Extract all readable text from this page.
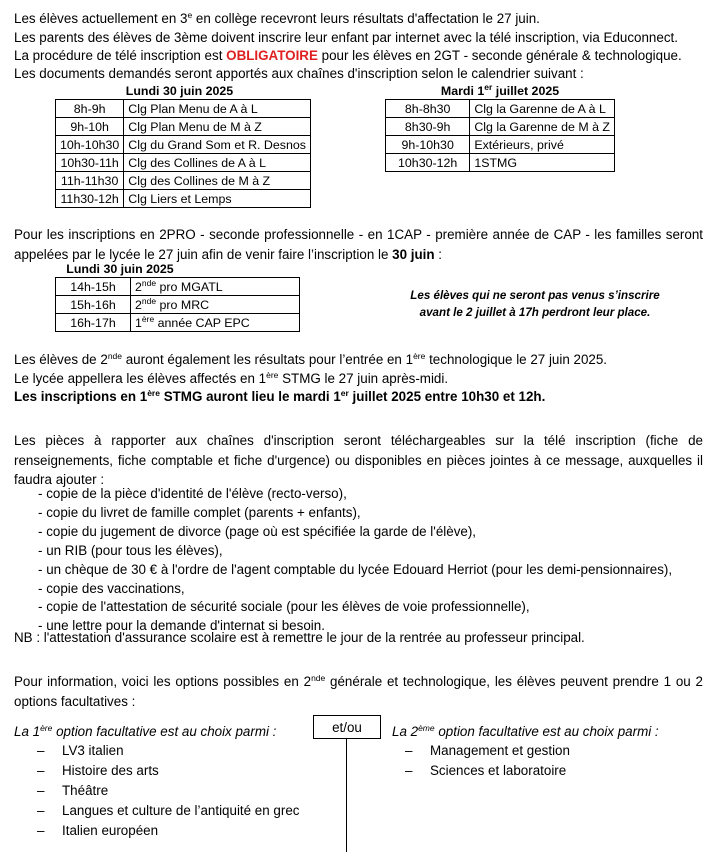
Les élèves actuellement en 3e en collège recevront leurs résultats d'affectation le 27 juin.
Les parents des élèves de 3ème doivent inscrire leur enfant par internet avec la télé inscription, via Educonnect.
La procédure de télé inscription est OBLIGATOIRE pour les élèves en 2GT - seconde générale & technologique.
Les documents demandés seront apportés aux chaînes d'inscription selon le calendrier suivant :
Lundi 30 juin 2025
8h-9h	Clg Plan Menu de A à L
9h-10h	Clg Plan Menu de M à Z
10h-10h30	Clg du Grand Som et R. Desnos
10h30-11h	Clg des Collines de A à L
11h-11h30	Clg des Collines de M à Z
11h30-12h	Clg Liers et Lemps
Mardi 1er juillet 2025
8h-8h30	Clg la Garenne de A à L
8h30-9h	Clg la Garenne de M à Z
9h-10h30	Extérieurs, privé
10h30-12h	1STMG
Pour les inscriptions en 2PRO - seconde professionnelle - en 1CAP - première année de CAP - les familles seront appelées par le lycée le 27 juin afin de venir faire l’inscription le 30 juin :
Lundi 30 juin 2025
14h-15h	2nde pro MGATL
15h-16h	2nde pro MRC
16h-17h	1ère année CAP EPC
Les élèves qui ne seront pas venus s’inscrire
avant le 2 juillet à 17h perdront leur place.
Les élèves de 2nde auront également les résultats pour l’entrée en 1ère technologique le 27 juin 2025.
Le lycée appellera les élèves affectés en 1ère STMG le 27 juin après-midi.
Les inscriptions en 1ère STMG auront lieu le mardi 1er juillet 2025 entre 10h30 et 12h.
Les pièces à rapporter aux chaînes d'inscription seront téléchargeables sur la télé inscription (fiche de renseignements, fiche comptable et fiche d'urgence) ou disponibles en pièces jointes à ce message, auxquelles il faudra ajouter :
- copie de la pièce d'identité de l'élève (recto-verso),
- copie du livret de famille complet (parents + enfants),
- copie du jugement de divorce (page où est spécifiée la garde de l'élève),
- un RIB (pour tous les élèves),
- un chèque de 30 € à l'ordre de l'agent comptable du lycée Edouard Herriot (pour les demi-pensionnaires),
- copie des vaccinations,
- copie de l'attestation de sécurité sociale (pour les élèves de voie professionnelle),
- une lettre pour la demande d'internat si besoin.
NB : l'attestation d'assurance scolaire est à remettre le jour de la rentrée au professeur principal.
Pour information, voici les options possibles en 2nde générale et technologique, les élèves peuvent prendre 1 ou 2 options facultatives :
La 1ère option facultative est au choix parmi :	et/ou	La 2ème option facultative est au choix parmi :
– LV3 italien
– Histoire des arts
– Théâtre
– Langues et culture de l’antiquité en grec
– Italien européen
– Management et gestion
– Sciences et laboratoire
